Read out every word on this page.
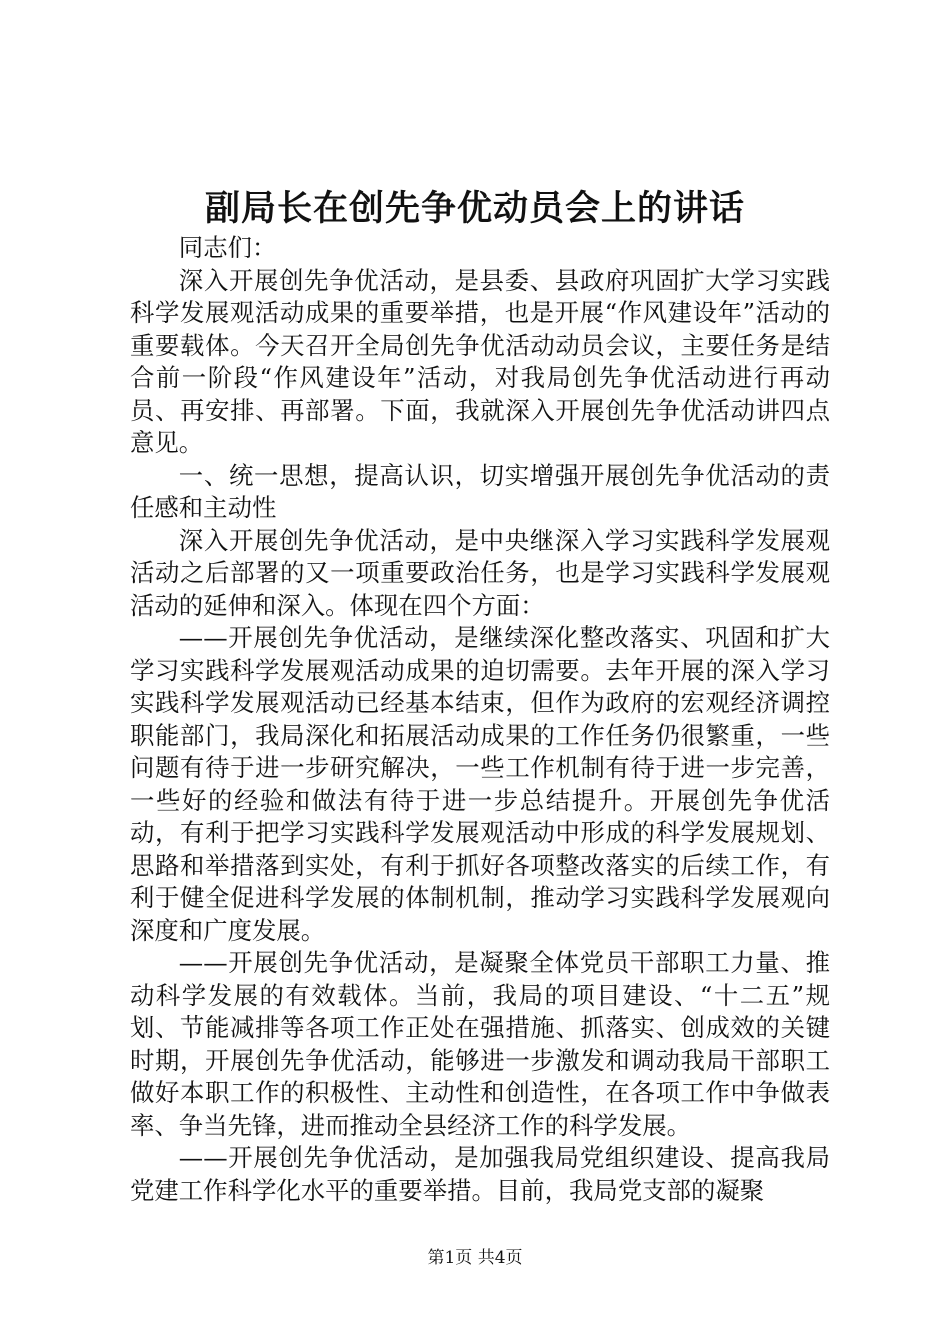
副局长在创先争优动员会上的讲话

同志们：

深入开展创先争优活动，是县委、县政府巩固扩大学习实践科学发展观活动成果的重要举措，也是开展“作风建设年”活动的重要载体。今天召开全局创先争优活动动员会议，主要任务是结合前一阶段“作风建设年”活动，对我局创先争优活动进行再动员、再安排、再部署。下面，我就深入开展创先争优活动讲四点意见。

一、统一思想，提高认识，切实增强开展创先争优活动的责任感和主动性

深入开展创先争优活动，是中央继深入学习实践科学发展观活动之后部署的又一项重要政治任务，也是学习实践科学发展观活动的延伸和深入。体现在四个方面：

——开展创先争优活动，是继续深化整改落实、巩固和扩大学习实践科学发展观活动成果的迫切需要。去年开展的深入学习实践科学发展观活动已经基本结束，但作为政府的宏观经济调控职能部门，我局深化和拓展活动成果的工作任务仍很繁重，一些问题有待于进一步研究解决，一些工作机制有待于进一步完善，一些好的经验和做法有待于进一步总结提升。开展创先争优活动，有利于把学习实践科学发展观活动中形成的科学发展规划、思路和举措落到实处，有利于抓好各项整改落实的后续工作，有利于健全促进科学发展的体制机制，推动学习实践科学发展观向深度和广度发展。

——开展创先争优活动，是凝聚全体党员干部职工力量、推动科学发展的有效载体。当前，我局的项目建设、“十二五”规划、节能减排等各项工作正处在强措施、抓落实、创成效的关键时期，开展创先争优活动，能够进一步激发和调动我局干部职工做好本职工作的积极性、主动性和创造性，在各项工作中争做表率、争当先锋，进而推动全县经济工作的科学发展。

——开展创先争优活动，是加强我局党组织建设、提高我局党建工作科学化水平的重要举措。目前，我局党支部的凝聚

第1页 共4页
